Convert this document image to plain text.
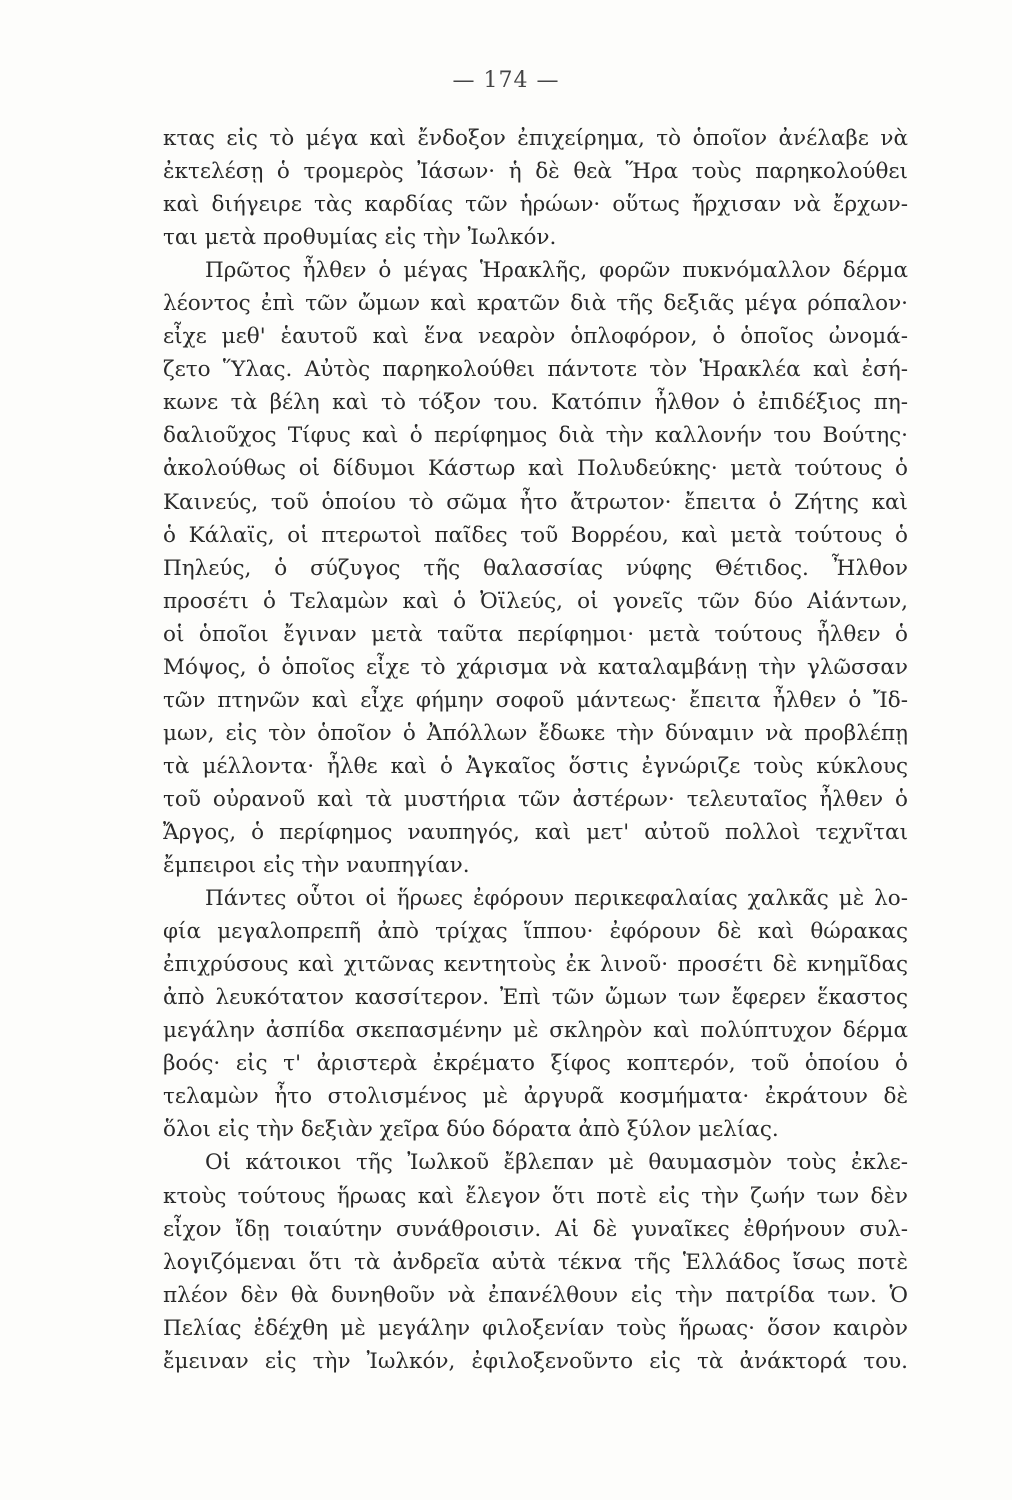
— 174 —
κτας εἰς τὸ μέγα καὶ ἔνδοξον ἐπιχείρημα, τὸ ὁποῖον ἀνέλαβε νὰ
ἐκτελέσῃ ὁ τρομερὸς Ἰάσων· ἡ δὲ θεὰ Ἥρα τοὺς παρηκολούθει
καὶ διήγειρε τὰς καρδίας τῶν ἡρώων· οὕτως ἤρχισαν νὰ ἔρχων-
ται μετὰ προθυμίας εἰς τὴν Ἰωλκόν.
Πρῶτος ἦλθεν ὁ μέγας Ἡρακλῆς, φορῶν πυκνόμαλλον δέρμα
λέοντος ἐπὶ τῶν ὤμων καὶ κρατῶν διὰ τῆς δεξιᾶς μέγα ρόπαλον·
εἶχε μεθ' ἑαυτοῦ καὶ ἕνα νεαρὸν ὁπλοφόρον, ὁ ὁποῖος ὠνομά-
ζετο Ὕλας. Αὐτὸς παρηκολούθει πάντοτε τὸν Ἡρακλέα καὶ ἐσή-
κωνε τὰ βέλη καὶ τὸ τόξον του. Κατόπιν ἦλθον ὁ ἐπιδέξιος πη-
δαλιοῦχος Τίφυς καὶ ὁ περίφημος διὰ τὴν καλλονήν του Βούτης·
ἀκολούθως οἱ δίδυμοι Κάστωρ καὶ Πολυδεύκης· μετὰ τούτους ὁ
Καινεύς, τοῦ ὁποίου τὸ σῶμα ἦτο ἄτρωτον· ἔπειτα ὁ Ζήτης καὶ
ὁ Κάλαϊς, οἱ πτερωτοὶ παῖδες τοῦ Βορρέου, καὶ μετὰ τούτους ὁ
Πηλεύς, ὁ σύζυγος τῆς θαλασσίας νύφης Θέτιδος. Ἦλθον
προσέτι ὁ Τελαμὼν καὶ ὁ Ὀϊλεύς, οἱ γονεῖς τῶν δύο Αἰάντων,
οἱ ὁποῖοι ἔγιναν μετὰ ταῦτα περίφημοι· μετὰ τούτους ἦλθεν ὁ
Μόψος, ὁ ὁποῖος εἶχε τὸ χάρισμα νὰ καταλαμβάνῃ τὴν γλῶσσαν
τῶν πτηνῶν καὶ εἶχε φήμην σοφοῦ μάντεως· ἔπειτα ἦλθεν ὁ Ἴδ-
μων, εἰς τὸν ὁποῖον ὁ Ἀπόλλων ἔδωκε τὴν δύναμιν νὰ προβλέπῃ
τὰ μέλλοντα· ἦλθε καὶ ὁ Ἀγκαῖος ὅστις ἐγνώριζε τοὺς κύκλους
τοῦ οὐρανοῦ καὶ τὰ μυστήρια τῶν ἀστέρων· τελευταῖος ἦλθεν ὁ
Ἄργος, ὁ περίφημος ναυπηγός, καὶ μετ' αὐτοῦ πολλοὶ τεχνῖται
ἔμπειροι εἰς τὴν ναυπηγίαν.
Πάντες οὗτοι οἱ ἥρωες ἐφόρουν περικεφαλαίας χαλκᾶς μὲ λο-
φία μεγαλοπρεπῆ ἀπὸ τρίχας ἵππου· ἐφόρουν δὲ καὶ θώρακας
ἐπιχρύσους καὶ χιτῶνας κεντητοὺς ἐκ λινοῦ· προσέτι δὲ κνημῖδας
ἀπὸ λευκότατον κασσίτερον. Ἐπὶ τῶν ὤμων των ἔφερεν ἕκαστος
μεγάλην ἀσπίδα σκεπασμένην μὲ σκληρὸν καὶ πολύπτυχον δέρμα
βοός· εἰς τ' ἀριστερὰ ἐκρέματο ξίφος κοπτερόν, τοῦ ὁποίου ὁ
τελαμὼν ἦτο στολισμένος μὲ ἀργυρᾶ κοσμήματα· ἐκράτουν δὲ
ὅλοι εἰς τὴν δεξιὰν χεῖρα δύο δόρατα ἀπὸ ξύλον μελίας.
Οἱ κάτοικοι τῆς Ἰωλκοῦ ἔβλεπαν μὲ θαυμασμὸν τοὺς ἐκλε-
κτοὺς τούτους ἥρωας καὶ ἔλεγον ὅτι ποτὲ εἰς τὴν ζωήν των δὲν
εἶχον ἴδῃ τοιαύτην συνάθροισιν. Αἱ δὲ γυναῖκες ἐθρήνουν συλ-
λογιζόμεναι ὅτι τὰ ἀνδρεῖα αὐτὰ τέκνα τῆς Ἑλλάδος ἴσως ποτὲ
πλέον δὲν θὰ δυνηθοῦν νὰ ἐπανέλθουν εἰς τὴν πατρίδα των. Ὁ
Πελίας ἐδέχθη μὲ μεγάλην φιλοξενίαν τοὺς ἥρωας· ὅσον καιρὸν
ἔμειναν εἰς τὴν Ἰωλκόν, ἐφιλοξενοῦντο εἰς τὰ ἀνάκτορά του.
